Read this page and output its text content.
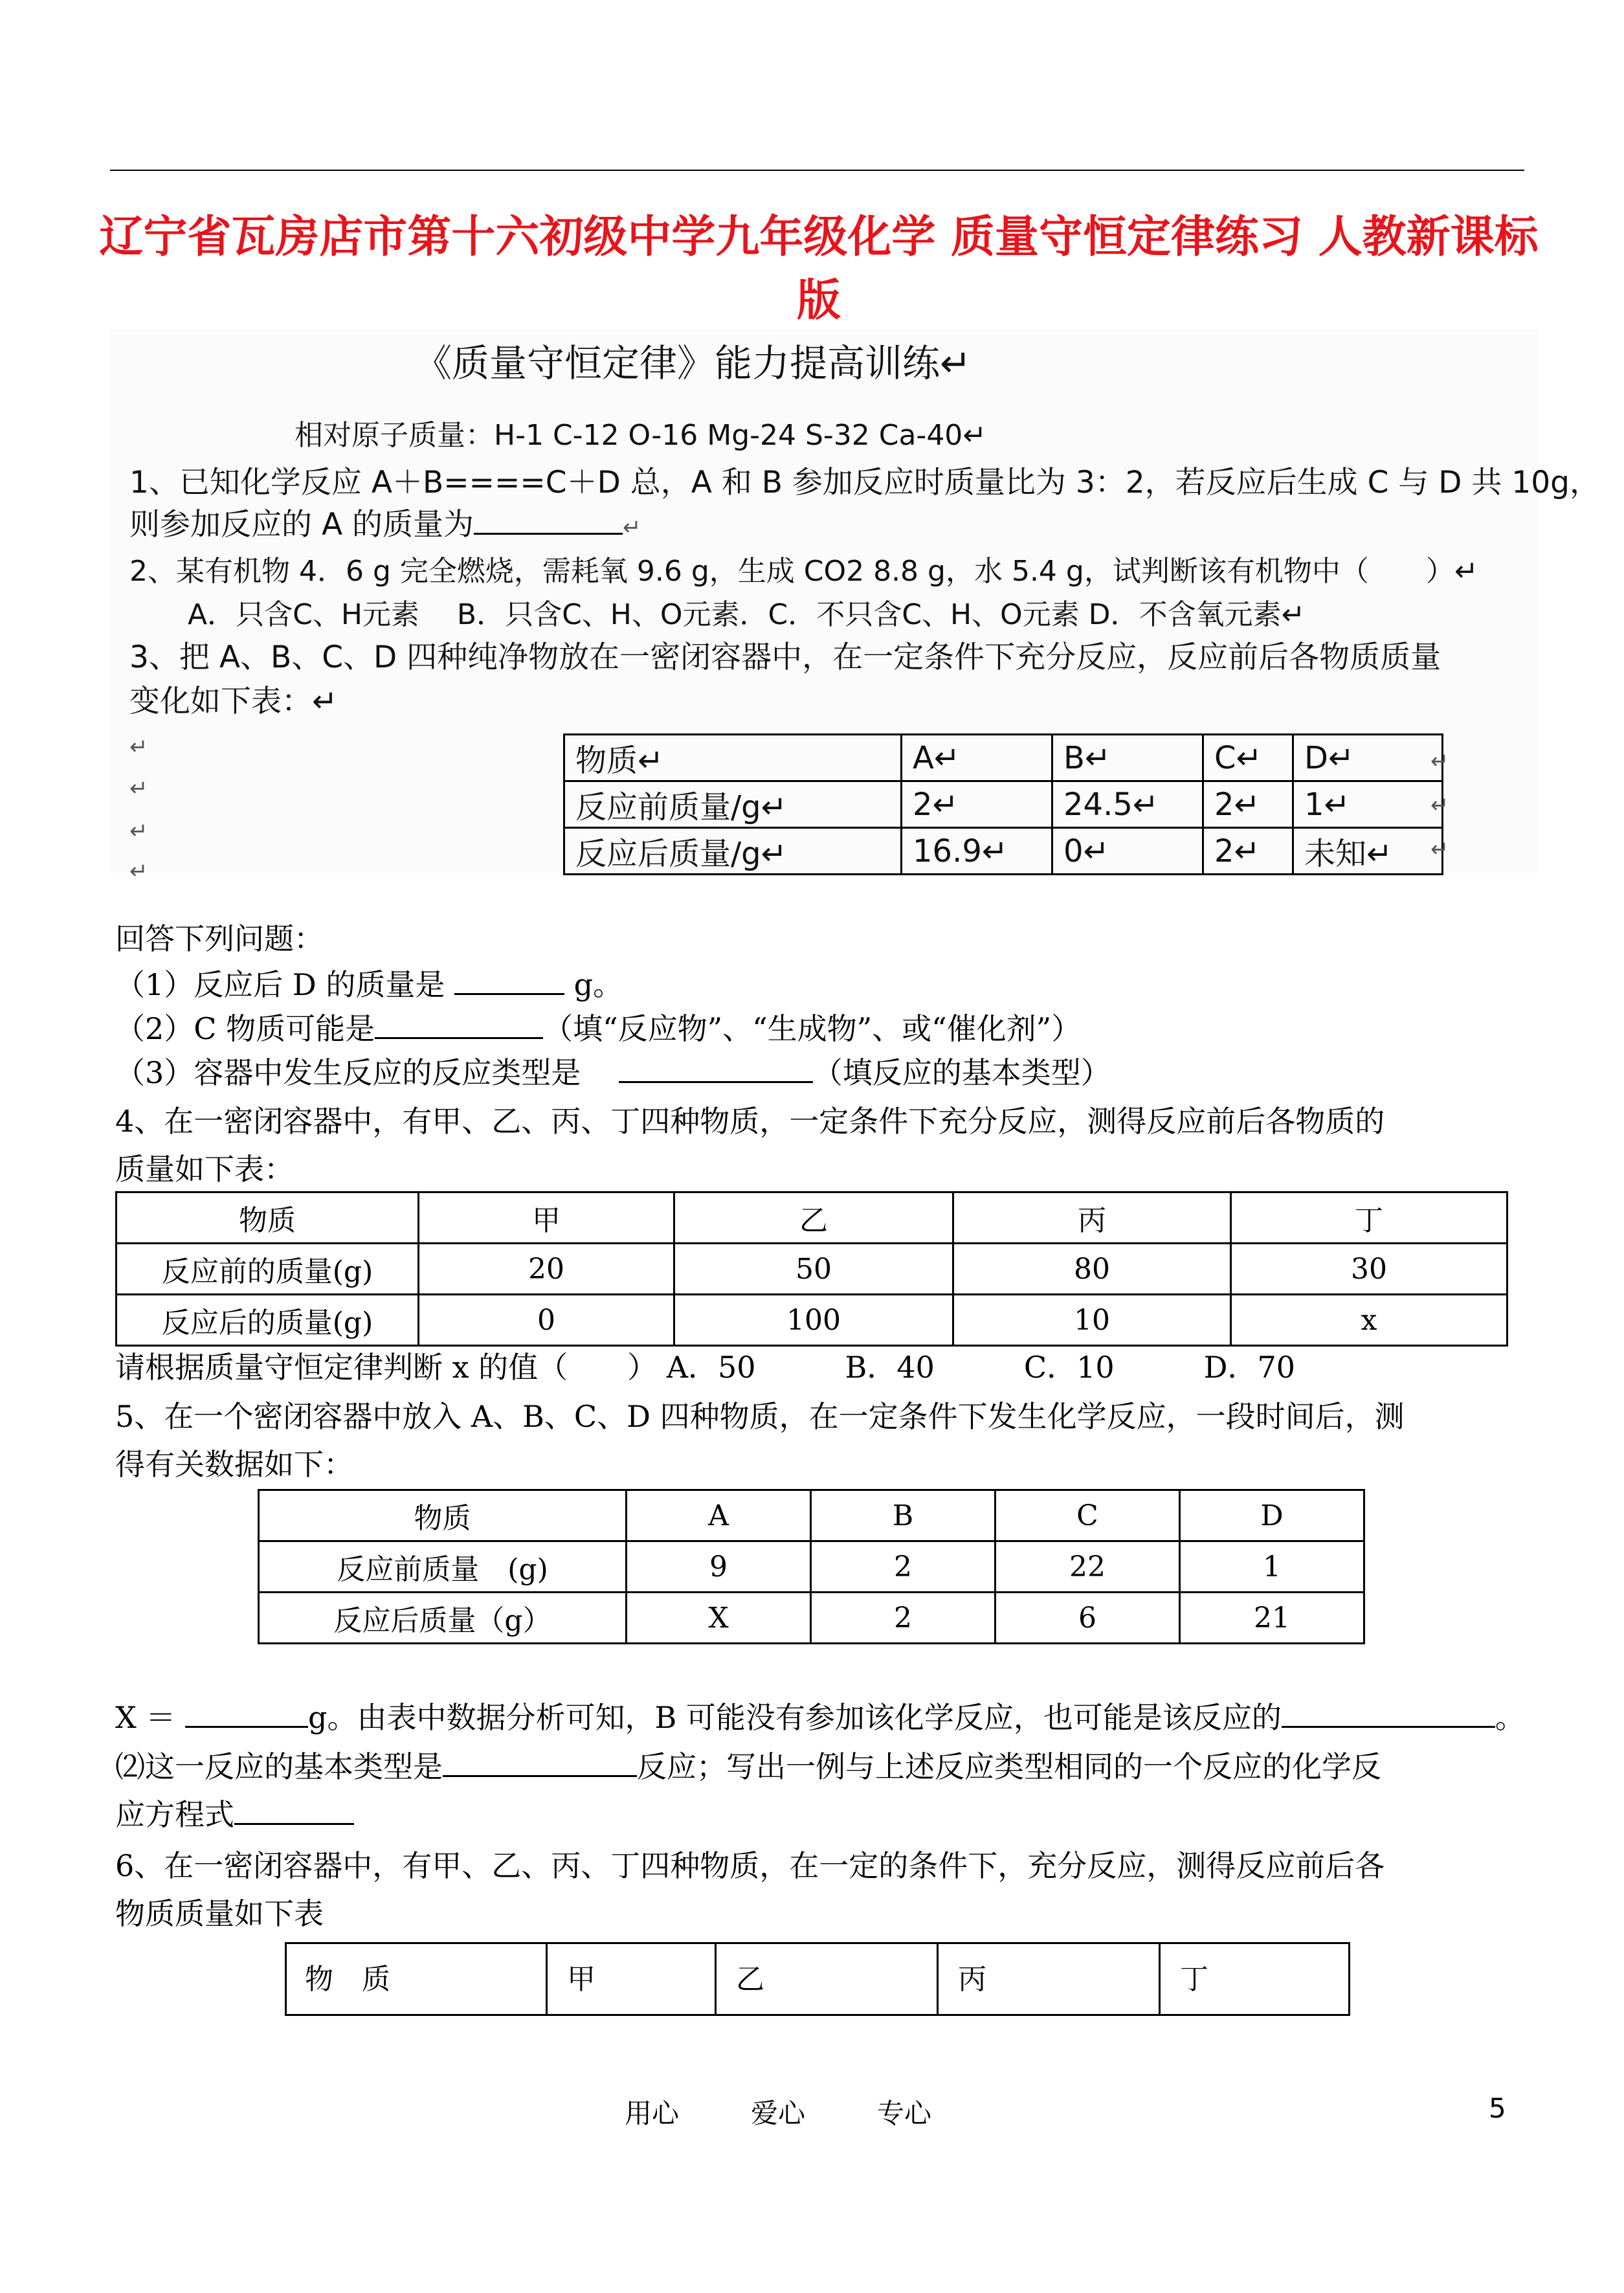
辽宁省瓦房店市第十六初级中学九年级化学 质量守恒定律练习 人教新课标版
《质量守恒定律》能力提高训练↵
相对原子质量：H-1 C-12 O-16 Mg-24 S-32 Ca-40↵
1、已知化学反应 A＋B====C＋D 总，A 和 B 参加反应时质量比为 3：2，若反应后生成 C 与 D 共 10g，
则参加反应的 A 的质量为	↵
2、某有机物 4．6 g 完全燃烧，需耗氧 9.6 g，生成 CO2 8.8 g，水 5.4 g，试判断该有机物中（　　）↵
A．只含C、H元素　 B．只含C、H、O元素．C．不只含C、H、O元素 D．不含氧元素↵
3、把 A、B、C、D 四种纯净物放在一密闭容器中，在一定条件下充分反应，反应前后各物质质量
变化如下表：↵
↵
↵
↵
↵
物质↵	A↵	B↵	C↵	D↵
反应前质量/g↵	2↵	24.5↵	2↵	1↵
反应后质量/g↵	16.9↵	0↵	2↵	未知↵
↵
↵
↵
回答下列问题：
（1）反应后 D 的质量是	g。
（2）C 物质可能是	（填“反应物”、“生成物”、或“催化剂”）
（3）容器中发生反应的反应类型是	（填反应的基本类型）
4、在一密闭容器中，有甲、乙、丙、丁四种物质，一定条件下充分反应，测得反应前后各物质的
质量如下表：
物质	甲	乙	丙	丁
反应前的质量(g)	20	50	80	30
反应后的质量(g)	0	100	10	x
请根据质量守恒定律判断 x 的值（　　） A．50　　　B．40　　　C．10　　　D．70
5、在一个密闭容器中放入 A、B、C、D 四种物质，在一定条件下发生化学反应，一段时间后，测
得有关数据如下：
物质	A	B	C	D
反应前质量　(g)	9	2	22	1
反应后质量（g）	X	2	6	21
X ＝	g。由表中数据分析可知，B 可能没有参加该化学反应，也可能是该反应的	。
⑵这一反应的基本类型是	反应；写出一例与上述反应类型相同的一个反应的化学反
应方程式
6、在一密闭容器中，有甲、乙、丙、丁四种物质，在一定的条件下，充分反应，测得反应前后各
物质质量如下表
物　质	甲	乙	丙	丁
用心	爱心	专心	5
